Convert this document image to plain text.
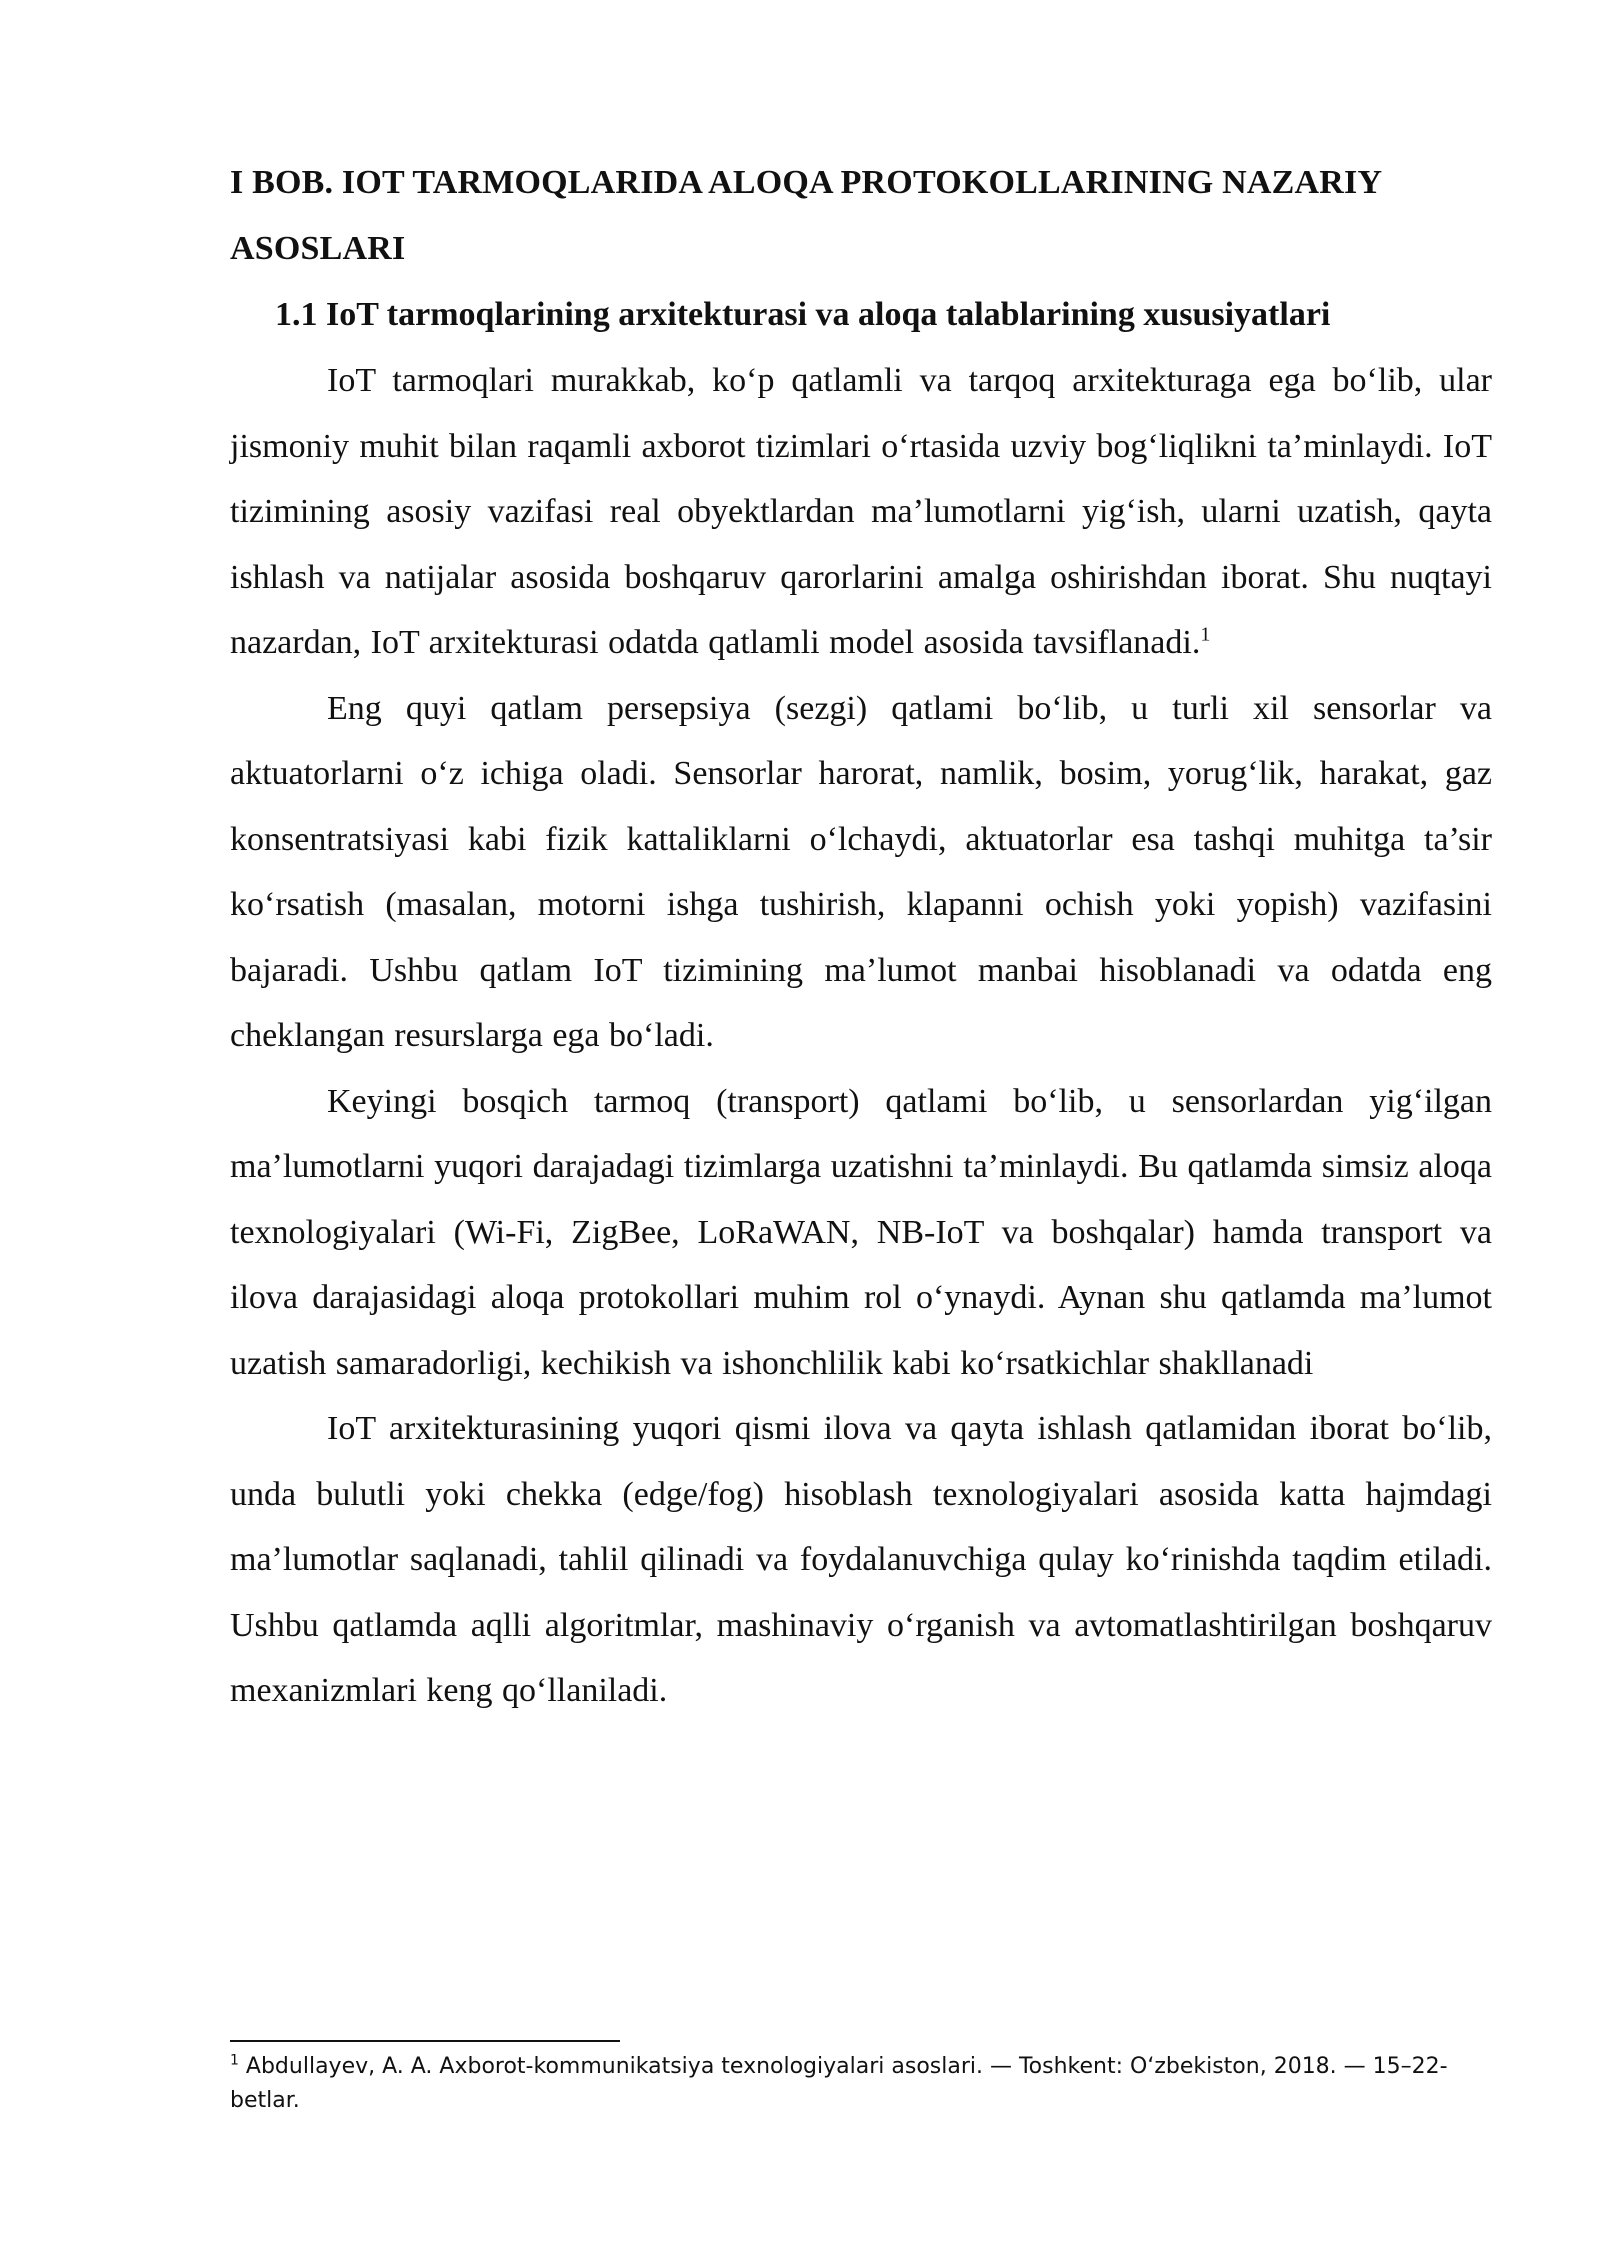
I BOB. IOT TARMOQLARIDA ALOQA PROTOKOLLARINING NAZARIY ASOSLARI
1.1 IoT tarmoqlarining arxitekturasi va aloqa talablarining xususiyatlari

IoT tarmoqlari murakkab, ko‘p qatlamli va tarqoq arxitekturaga ega bo‘lib, ular jismoniy muhit bilan raqamli axborot tizimlari o‘rtasida uzviy bog‘liqlikni ta’minlaydi. IoT tizimining asosiy vazifasi real obyektlardan ma’lumotlarni yig‘ish, ularni uzatish, qayta ishlash va natijalar asosida boshqaruv qarorlarini amalga oshirishdan iborat. Shu nuqtayi nazardan, IoT arxitekturasi odatda qatlamli model asosida tavsiflanadi.$^1$

Eng quyi qatlam persepsiya (sezgi) qatlami bo‘lib, u turli xil sensorlar va aktuatorlarni o‘z ichiga oladi. Sensorlar harorat, namlik, bosim, yorug‘lik, harakat, gaz konsentratsiyasi kabi fizik kattaliklarni o‘lchaydi, aktuatorlar esa tashqi muhitga ta’sir ko‘rsatish (masalan, motorni ishga tushirish, klapanni ochish yoki yopish) vazifasini bajaradi. Ushbu qatlam IoT tizimining ma’lumot manbai hisoblanadi va odatda eng cheklangan resurslarga ega bo‘ladi.

Keyingi bosqich tarmoq (transport) qatlami bo‘lib, u sensorlardan yig‘ilgan ma’lumotlarni yuqori darajadagi tizimlarga uzatishni ta’minlaydi. Bu qatlamda simsiz aloqa texnologiyalari (Wi-Fi, ZigBee, LoRaWAN, NB-IoT va boshqalar) hamda transport va ilova darajasidagi aloqa protokollari muhim rol o‘ynaydi. Aynan shu qatlamda ma’lumot uzatish samaradorligi, kechikish va ishonchlilik kabi ko‘rsatkichlar shakllanadi

IoT arxitekturasining yuqori qismi ilova va qayta ishlash qatlamidan iborat bo‘lib, unda bulutli yoki chekka (edge/fog) hisoblash texnologiyalari asosida katta hajmdagi ma’lumotlar saqlanadi, tahlil qilinadi va foydalanuvchiga qulay ko‘rinishda taqdim etiladi. Ushbu qatlamda aqlli algoritmlar, mashinaviy o‘rganish va avtomatlashtirilgan boshqaruv mexanizmlari keng qo‘llaniladi.

$^1$ Abdullayev, A. A. Axborot-kommunikatsiya texnologiyalari asoslari. — Toshkent: O‘zbekiston, 2018. — 15–22-betlar.
